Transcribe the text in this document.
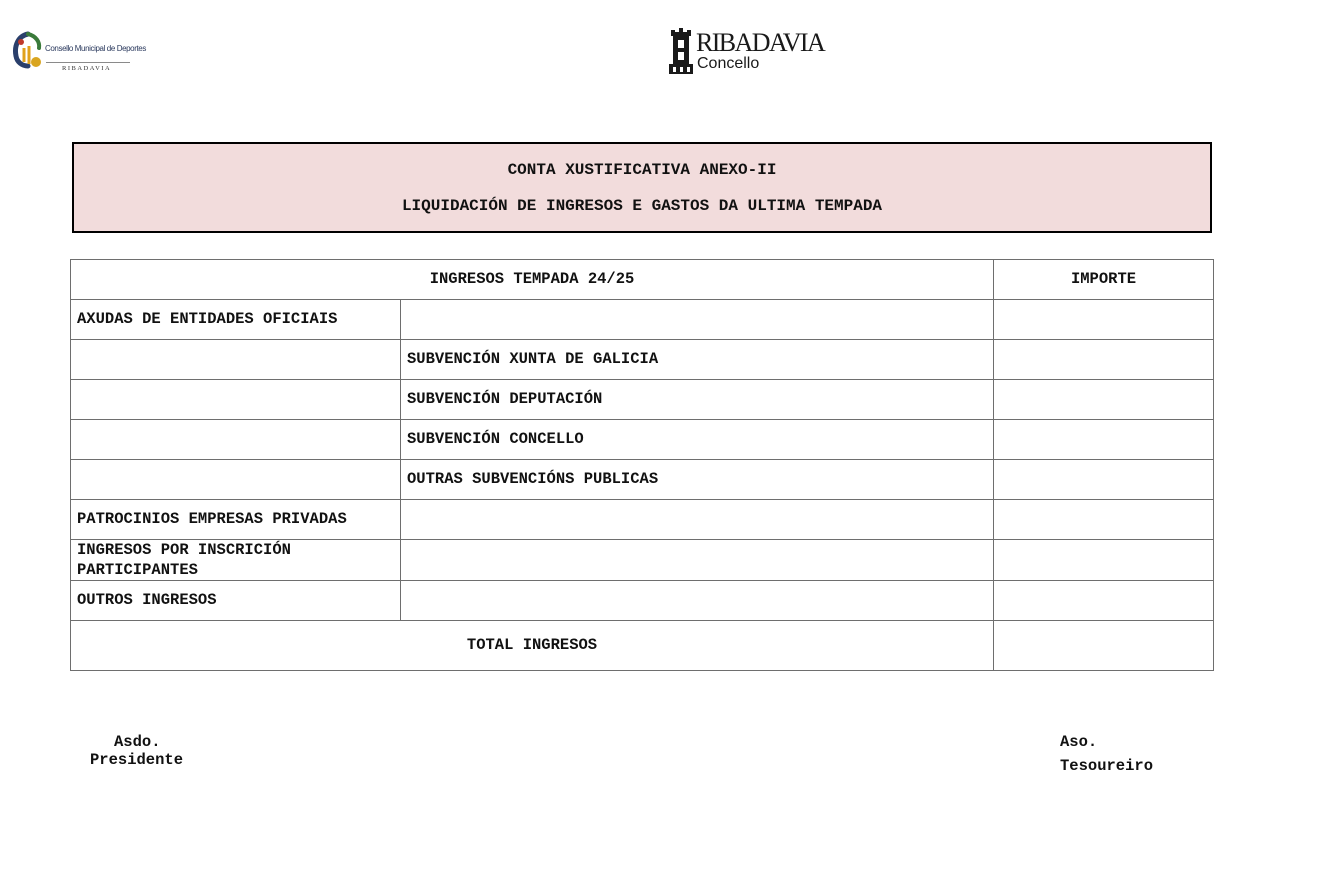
Consello Municipal de Deportes
RIBADAVIA
RIBADAVIA
Concello
CONTA XUSTIFICATIVA ANEXO-II
LIQUIDACIÓN DE INGRESOS E GASTOS DA ULTIMA TEMPADA
INGRESOS TEMPADA 24/25		IMPORTE
AXUDAS DE ENTIDADES OFICIAIS		
	SUBVENCIÓN XUNTA DE GALICIA	
	SUBVENCIÓN DEPUTACIÓN	
	SUBVENCIÓN CONCELLO	
	OUTRAS SUBVENCIÓNS PUBLICAS	
PATROCINIOS EMPRESAS PRIVADAS		
INGRESOS POR INSCRICIÓN PARTICIPANTES		
OUTROS INGRESOS		
TOTAL INGRESOS		
Asdo.
Presidente
Aso.
Tesoureiro
